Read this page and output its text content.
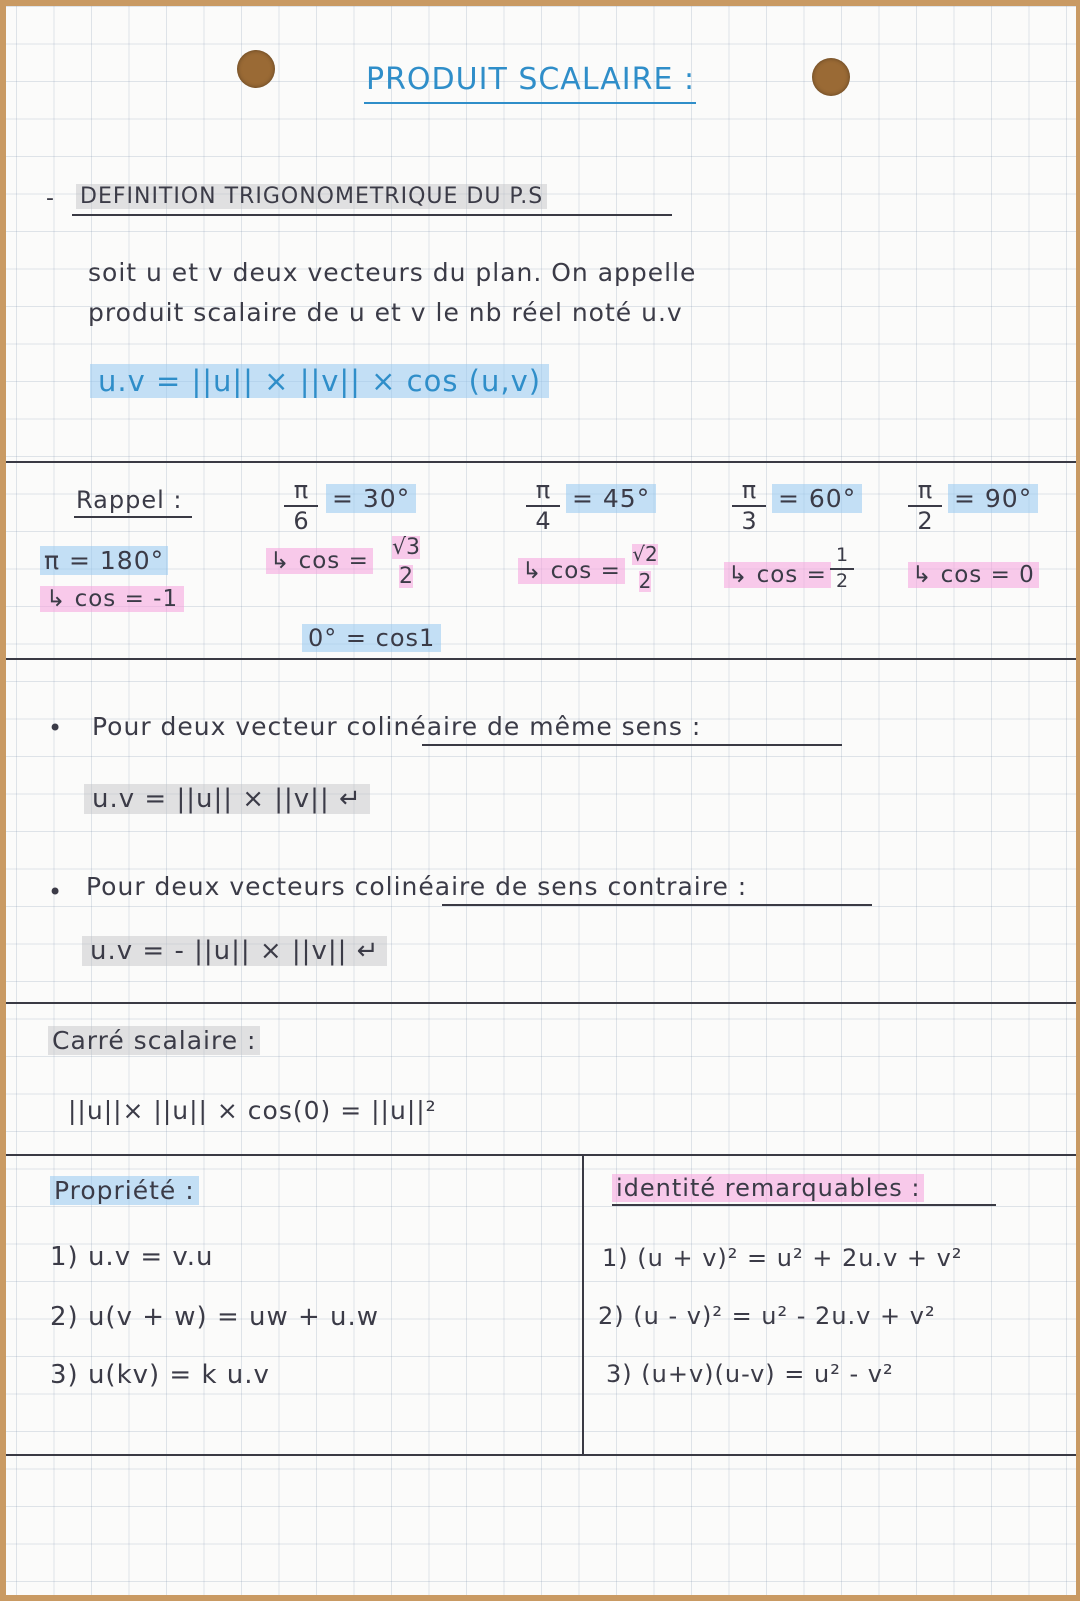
PRODUIT SCALAIRE :
- DEFINITION TRIGONOMETRIQUE DU P.S
soit u et v deux vecteurs du plan. On appelle
produit scalaire de u et v le nb réel noté u.v
u.v = ||u|| × ||v|| × cos (u,v)
Rappel :
π = 180°
↳ cos = -1
π
6
= 30°
↳ cos =
√3
2
0° = cos1
π
4
= 45°
↳ cos =
√2
2
π
3
= 60°
↳ cos =
1
2
π
2
= 90°
↳ cos = 0
• Pour deux vecteur colinéaire de même sens :
u.v = ||u|| × ||v|| ↵
• Pour deux vecteurs colinéaire de sens contraire :
u.v = - ||u|| × ||v|| ↵
Carré scalaire :
||u||× ||u|| × cos(0) = ||u||²
Propriété :
1) u.v = v.u
2) u(v + w) = uw + u.w
3) u(kv) = k u.v
identité remarquables :
1) (u + v)² = u² + 2u.v + v²
2) (u - v)² = u² - 2u.v + v²
3) (u+v)(u-v) = u² - v²
